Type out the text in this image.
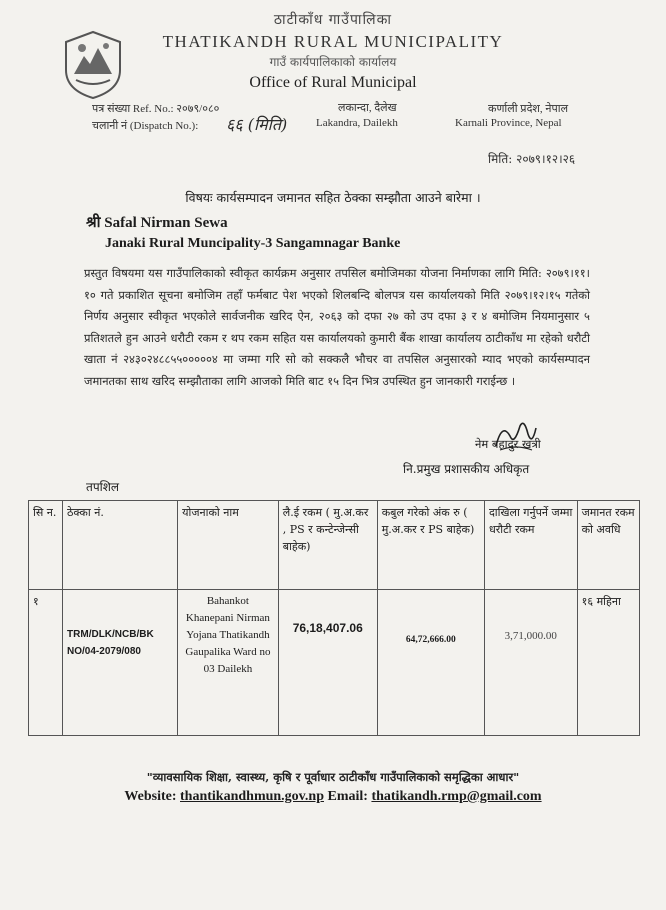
ठाटीकाँध गाउँपालिका
THATIKANDH RURAL MUNICIPALITY
गाउँ कार्यपालिकाको कार्यालय
Office of Rural Municipal
पत्र संख्या Ref. No.: २०७९/०८०
चलानी नं (Dispatch No.): ६६ (मिति)
लकान्दा, दैलेख
Lakandra, Dailekh
कर्णाली प्रदेश, नेपाल
Karnali Province, Nepal
मिति: २०७९।१२।२६
विषयः कार्यसम्पादन जमानत सहित ठेक्का सम्झौता आउने बारेमा ।
श्री Safal Nirman Sewa
Janaki Rural Muncipality-3 Sangamnagar Banke
प्रस्तुत विषयमा यस गाउँपालिकाको स्वीकृत कार्यक्रम अनुसार तपसिल बमोजिमका योजना निर्माणका लागि मिति: २०७९।११।१० गते प्रकाशित सूचना बमोजिम तहाँ फर्मबाट पेश भएको शिलबन्दि बोलपत्र यस कार्यालयको मिति २०७९।१२।१५ गतेको निर्णय अनुसार स्वीकृत भएकोले सार्वजनीक खरिद ऐन, २०६३ को दफा २७ को उप दफा ३ र ४ बमोजिम नियमानुसार ५ प्रतिशतले हुन आउने धरौटी रकम र थप रकम सहित यस कार्यालयको कुमारी बैंक शाखा कार्यालय ठाटीकाँध मा रहेको धरौटी खाता नं २४३०२४८८५५०००००४ मा जम्मा गरि सो को सक्कलै भौचर वा तपसिल अनुसारको म्याद भएको कार्यसम्पादन जमानतका साथ खरिद सम्झौताका लागि आजको मिति बाट १५ दिन भित्र उपस्थित हुन जानकारी गराईन्छ ।
नेम बहादुर खत्री
नि.प्रमुख प्रशासकीय अधिकृत
तपशिल
सि न.	ठेक्का नं.	योजनाको नाम	लै.ई रकम ( मु.अ.कर , PS र कन्टेन्जेन्सी बाहेक)	कबुल गरेको अंक रु ( मु.अ.कर र PS बाहेक)	दाखिला गर्नुपर्ने जम्मा धरौटी रकम	जमानत रकम को अवधि
१	TRM/DLK/NCB/BK NO/04-2079/080	Bahankot Khanepani Nirman Yojana Thatikandh Gaupalika Ward no 03 Dailekh	76,18,407.06	64,72,666.00	3,71,000.00	१६ महिना
"व्यावसायिक शिक्षा, स्वास्थ्य, कृषि र पूर्वाधार ठाटीकाँध गाउँपालिकाको समृद्धिका आधार"
Website: thantikandhmun.gov.np Email: thatikandh.rmp@gmail.com
